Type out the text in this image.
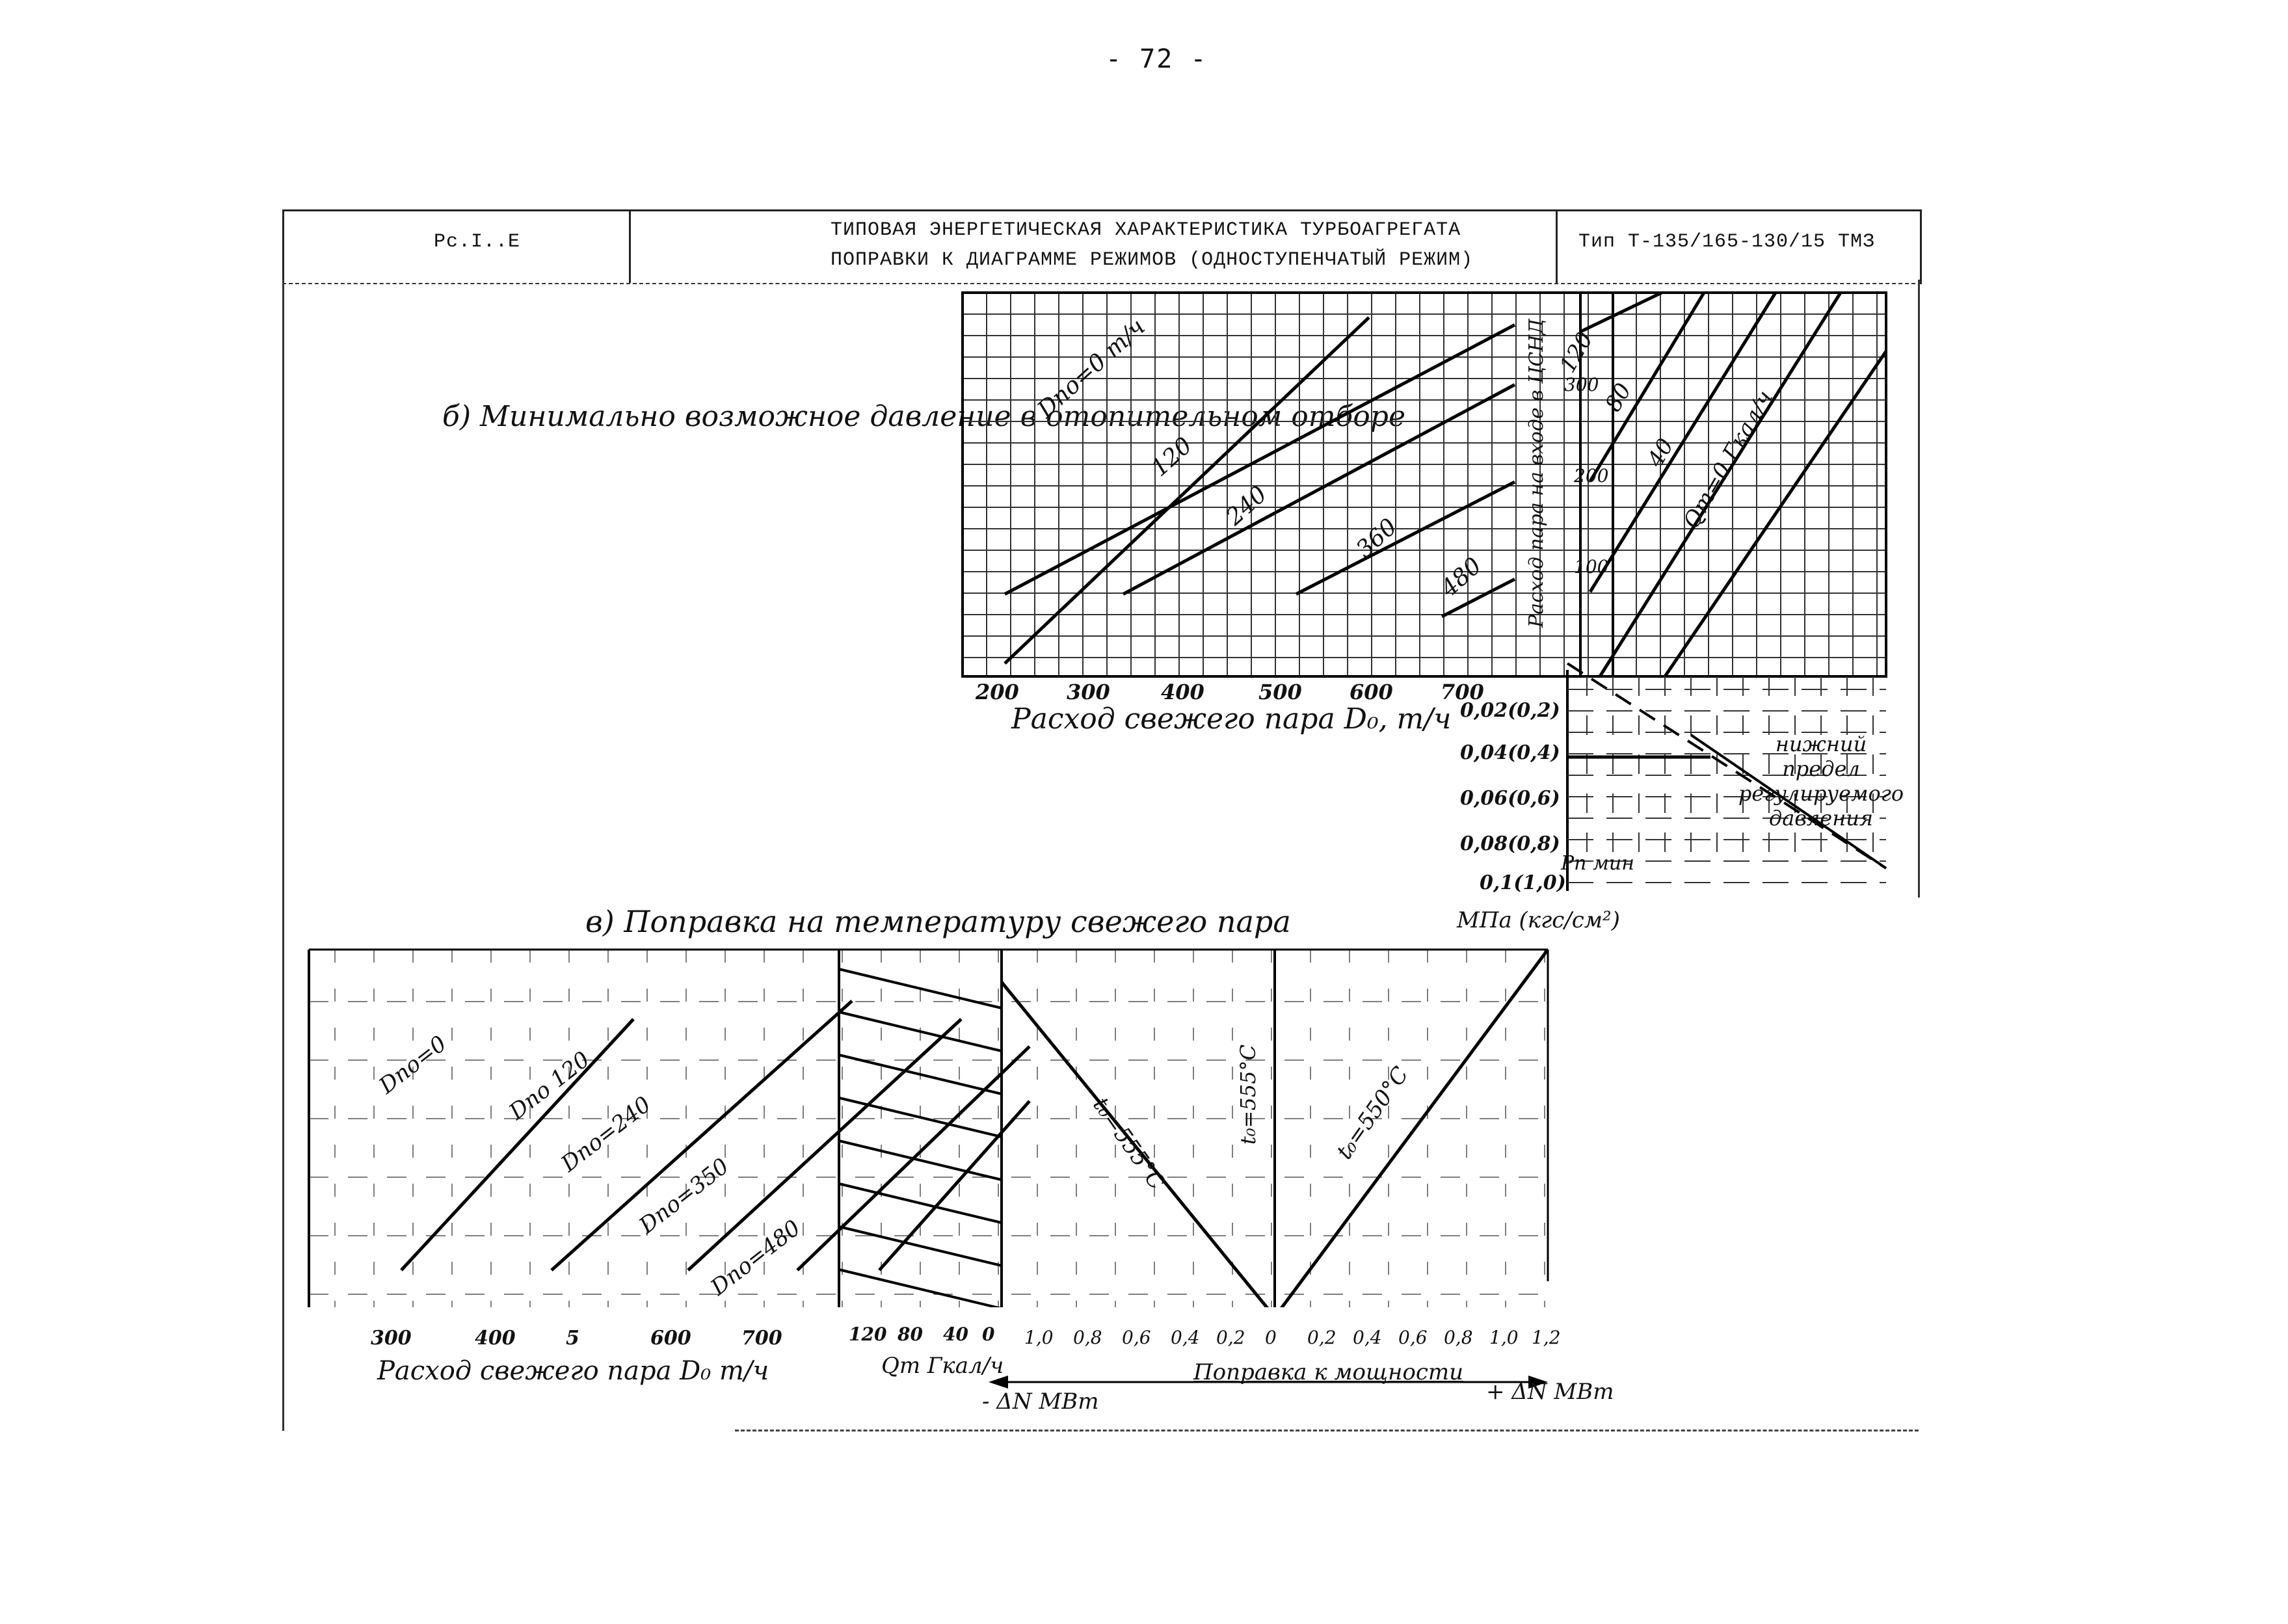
- 72 -
Рс.І..Е
ТИПОВАЯ ЭНЕРГЕТИЧЕСКАЯ ХАРАКТЕРИСТИКА ТУРБОАГРЕГАТА
ПОПРАВКИ К ДИАГРАММЕ РЕЖИМОВ (ОДНОСТУПЕНЧАТЫЙ РЕЖИМ)
Тип Т-135/165-130/15 ТМЗ
б) Минимально возможное давление в отопительном отборе
200 300 400	500 600 700
Расход свежего пара D₀, т/ч
Dпо=0 т/ч
120
240
360
480 Расход пара на входе в ЦСНД 100
200
300
120
80
40
Qт=0 Гкал/ч
0,02(0,2)
0,04(0,4)
0,06(0,6)
0,08(0,8)
0,1(1,0)
Pп мин
МПа (кгс/см²)
нижний предел регулируемого давления
в) Поправка на температуру свежего пара
300	400	5	600	700
Расход свежего пара D₀ т/ч
Dпо=0 Dпо 120
Dпо=240
Dпо=350
Dпо=480
120 80 40 0
Qт Гкал/ч
1,0 0,8 0,6 0,4 0,2 0 0,2 0,4 0,6 0,8 1,0 1,2
t₀=555°C	t₀=555°C	t₀=550°C
Поправка к мощности
- ΔN МВт	+ ΔN МВт
